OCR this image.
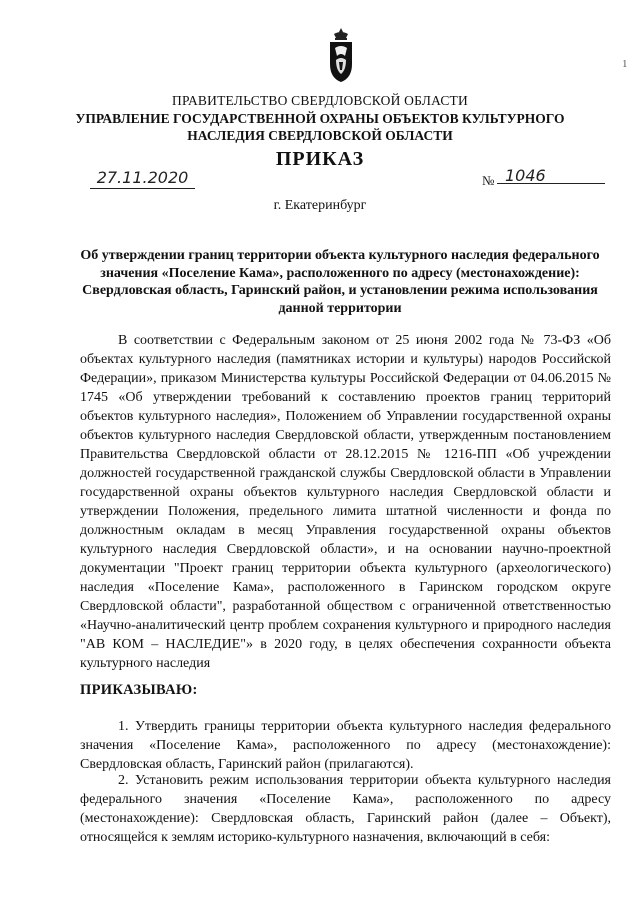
1
ПРАВИТЕЛЬСТВО СВЕРДЛОВСКОЙ ОБЛАСТИ
УПРАВЛЕНИЕ ГОСУДАРСТВЕННОЙ ОХРАНЫ ОБЪЕКТОВ КУЛЬТУРНОГО НАСЛЕДИЯ СВЕРДЛОВСКОЙ ОБЛАСТИ
ПРИКАЗ
27.11.2020	№ 1046
г. Екатеринбург
Об утверждении границ территории объекта культурного наследия федерального значения «Поселение Кама», расположенного по адресу (местонахождение): Свердловская область, Гаринский район, и установлении режима использования данной территории
В соответствии с Федеральным законом от 25 июня 2002 года № 73-ФЗ «Об объектах культурного наследия (памятниках истории и культуры) народов Российской Федерации», приказом Министерства культуры Российской Федерации от 04.06.2015 № 1745 «Об утверждении требований к составлению проектов границ территорий объектов культурного наследия», Положением об Управлении государственной охраны объектов культурного наследия Свердловской области, утвержденным постановлением Правительства Свердловской области от 28.12.2015 № 1216-ПП «Об учреждении должностей государственной гражданской службы Свердловской области в Управлении государственной охраны объектов культурного наследия Свердловской области и утверждении Положения, предельного лимита штатной численности и фонда по должностным окладам в месяц Управления государственной охраны объектов культурного наследия Свердловской области», и на основании научно-проектной документации "Проект границ территории объекта культурного (археологического) наследия «Поселение Кама», расположенного в Гаринском городском округе Свердловской области", разработанной обществом с ограниченной ответственностью «Научно-аналитический центр проблем сохранения культурного и природного наследия "АВ КОМ – НАСЛЕДИЕ"» в 2020 году, в целях обеспечения сохранности объекта культурного наследия
ПРИКАЗЫВАЮ:
1. Утвердить границы территории объекта культурного наследия федерального значения «Поселение Кама», расположенного по адресу (местонахождение): Свердловская область, Гаринский район (прилагаются).
2. Установить режим использования территории объекта культурного наследия федерального значения «Поселение Кама», расположенного по адресу (местонахождение): Свердловская область, Гаринский район (далее – Объект), относящейся к землям историко-культурного назначения, включающий в себя:
